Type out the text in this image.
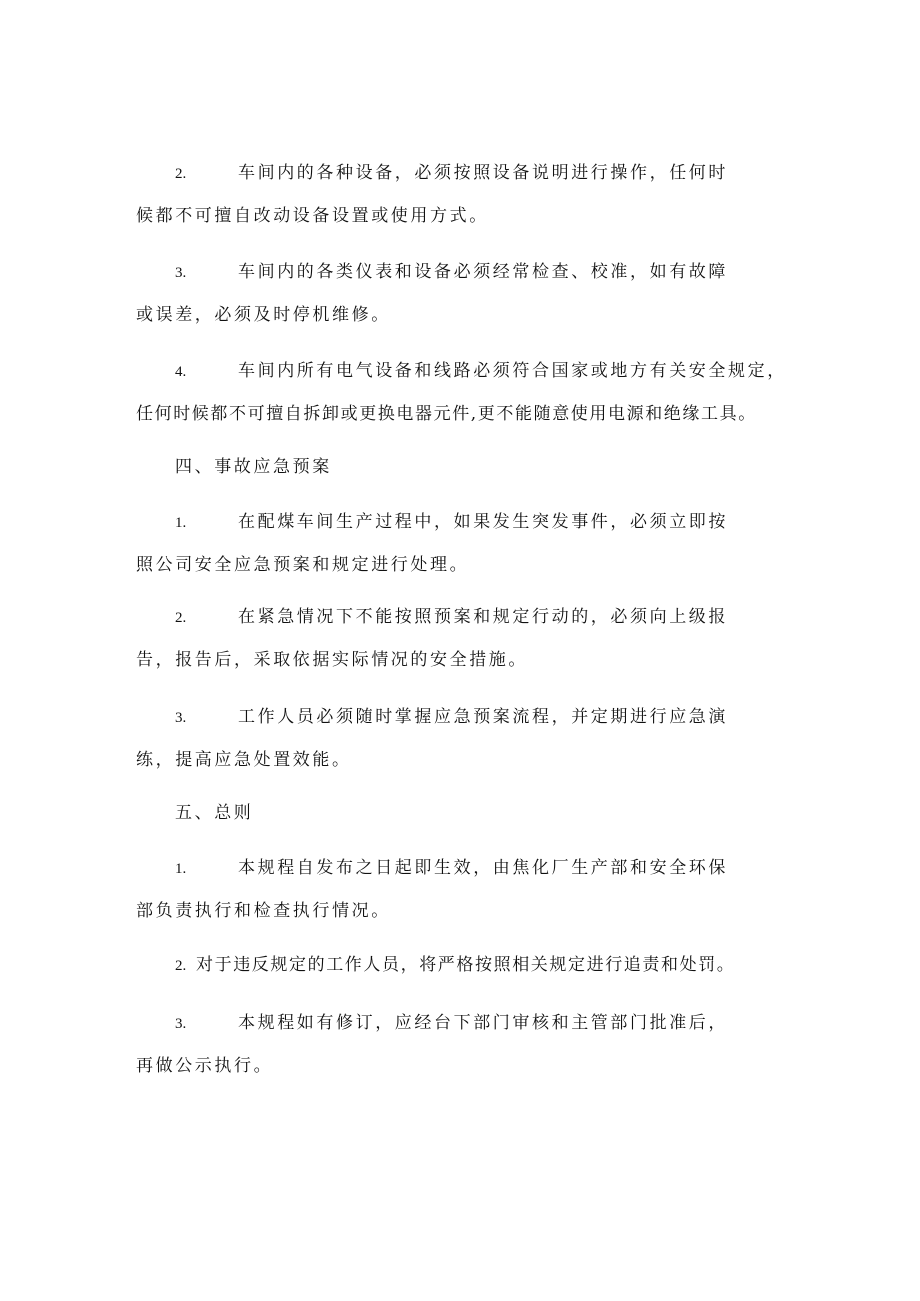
2.	车间内的各种设备，必须按照设备说明进行操作，任何时
候都不可擅自改动设备设置或使用方式。
3.	车间内的各类仪表和设备必须经常检查、校准，如有故障
或误差，必须及时停机维修。
4.	车间内所有电气设备和线路必须符合国家或地方有关安全规定，
任何时候都不可擅自拆卸或更换电器元件,更不能随意使用电源和绝缘工具。
四、事故应急预案
1.	在配煤车间生产过程中，如果发生突发事件，必须立即按
照公司安全应急预案和规定进行处理。
2.	在紧急情况下不能按照预案和规定行动的，必须向上级报
告，报告后，采取依据实际情况的安全措施。
3.	工作人员必须随时掌握应急预案流程，并定期进行应急演
练，提高应急处置效能。
五、总则
1.	本规程自发布之日起即生效，由焦化厂生产部和安全环保
部负责执行和检查执行情况。
2. 对于违反规定的工作人员，将严格按照相关规定进行追责和处罚。
3.	本规程如有修订，应经台下部门审核和主管部门批准后，
再做公示执行。
